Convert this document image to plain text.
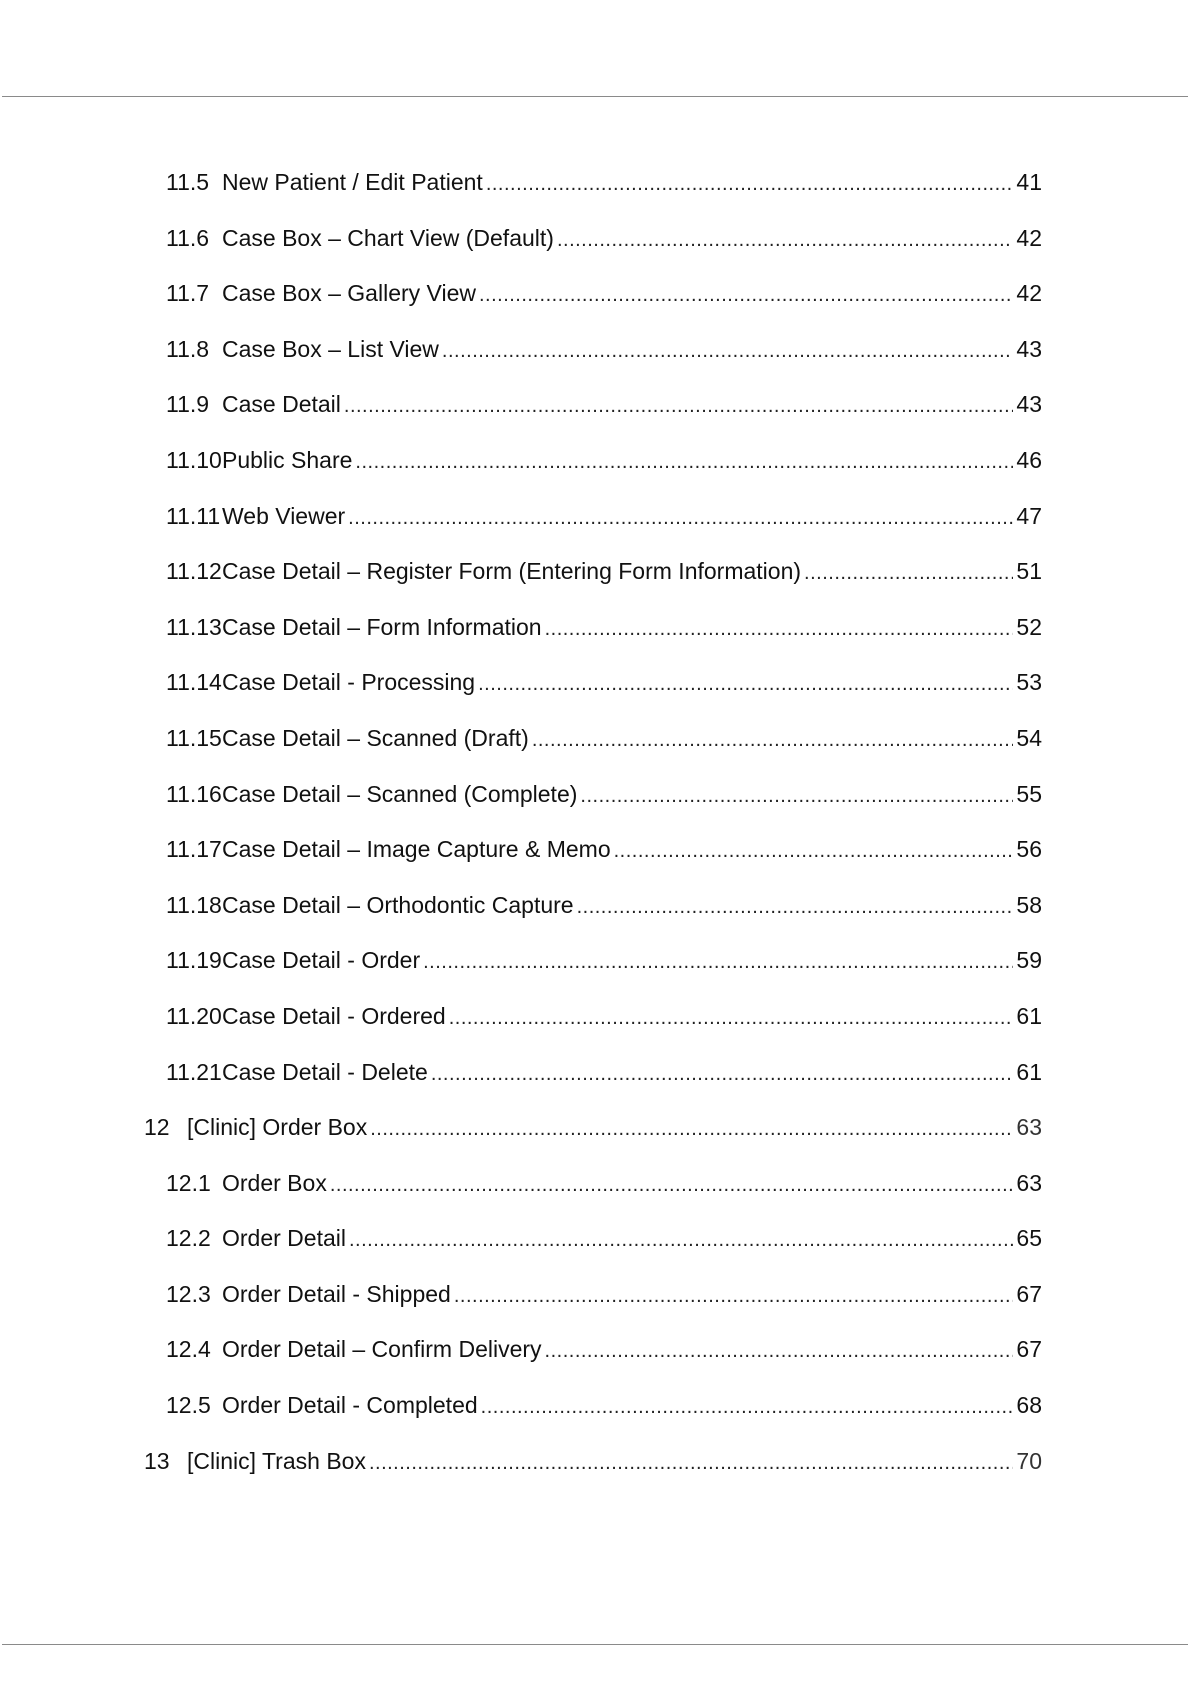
11.5 New Patient / Edit Patient .....	41
11.6 Case Box – Chart View (Default) .....	42
11.7 Case Box – Gallery View .....	42
11.8 Case Box – List View .....	43
11.9 Case Detail .....	43
11.10 Public Share .....	46
11.11 Web Viewer .....	47
11.12 Case Detail – Register Form (Entering Form Information) .....	51
11.13 Case Detail – Form Information .....	52
11.14 Case Detail - Processing .....	53
11.15 Case Detail – Scanned (Draft) .....	54
11.16 Case Detail – Scanned (Complete) .....	55
11.17 Case Detail – Image Capture & Memo .....	56
11.18 Case Detail – Orthodontic Capture .....	58
11.19 Case Detail - Order .....	59
11.20 Case Detail - Ordered .....	61
11.21 Case Detail - Delete .....	61
12 [Clinic] Order Box .....	63
12.1 Order Box .....	63
12.2 Order Detail .....	65
12.3 Order Detail - Shipped .....	67
12.4 Order Detail – Confirm Delivery .....	67
12.5 Order Detail - Completed .....	68
13 [Clinic] Trash Box .....	70
